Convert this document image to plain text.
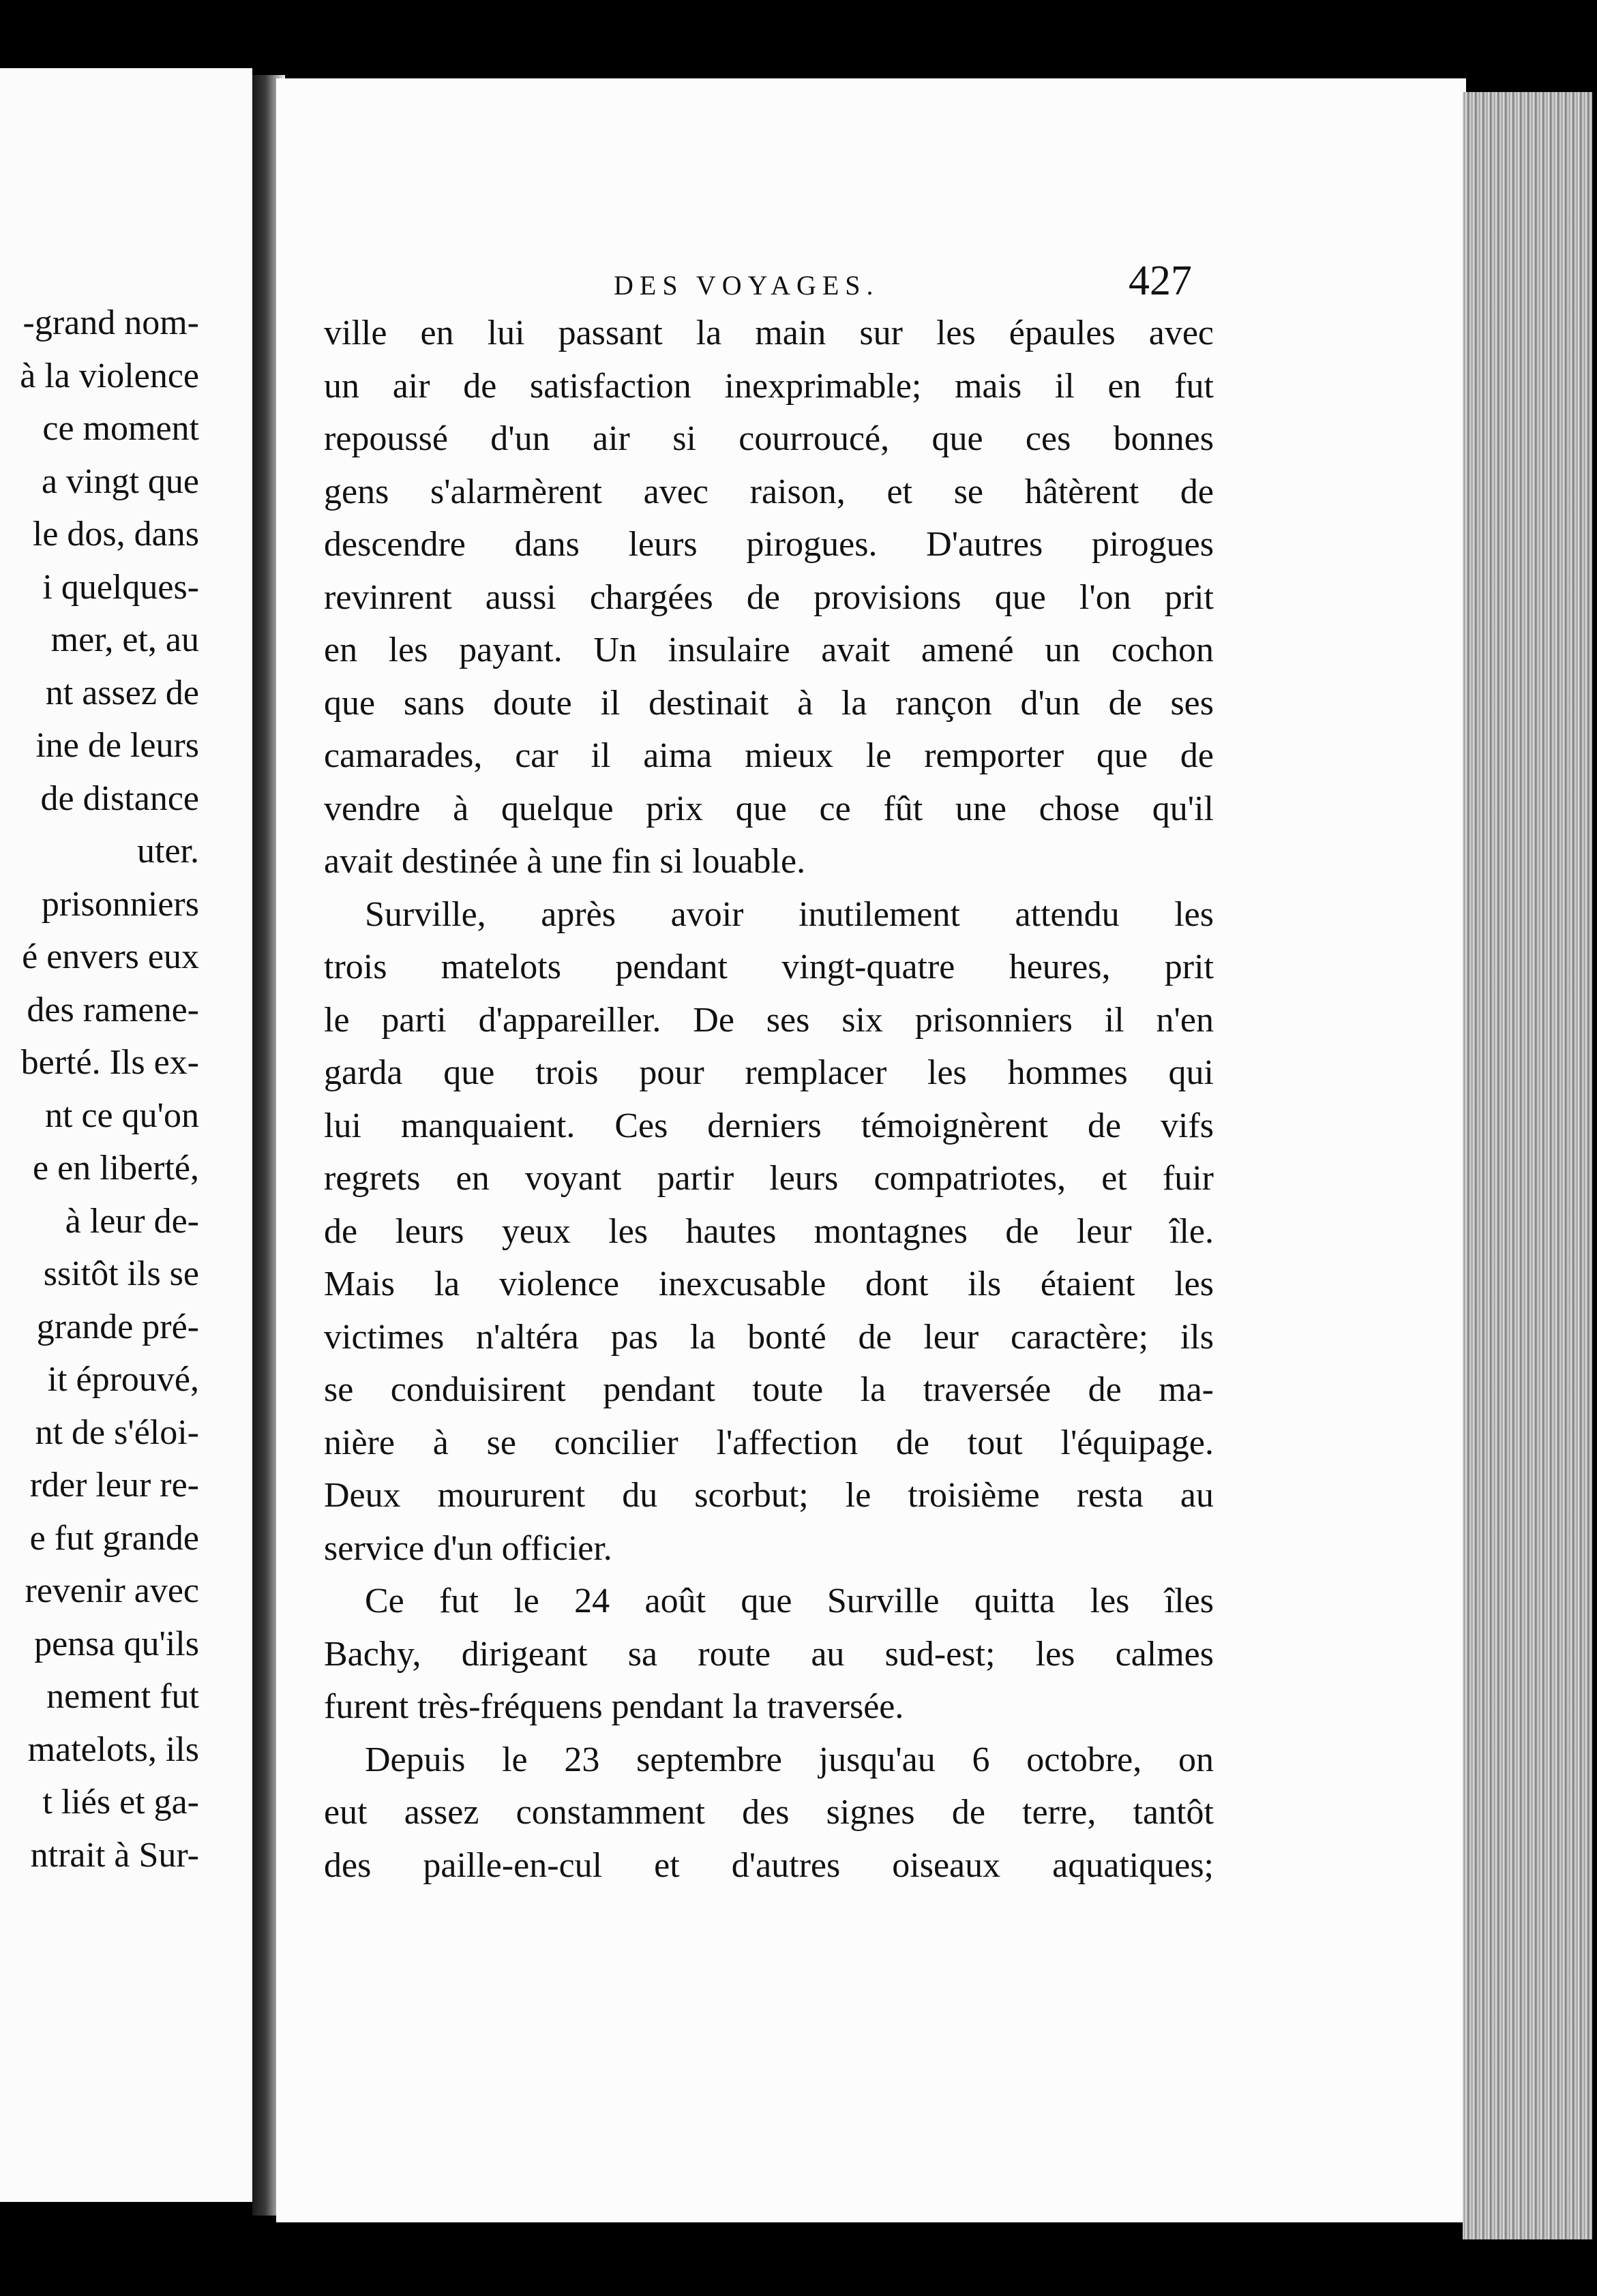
-grand nom-
à la violence
ce moment
a vingt que
le dos, dans
i quelques-
mer, et, au
nt assez de
ine de leurs
de distance
uter.
prisonniers
é envers eux
des ramene-
berté. Ils ex-
nt ce qu'on
e en liberté,
à leur de-
ssitôt ils se
grande pré-
it éprouvé,
nt de s'éloi-
rder leur re-
e fut grande
revenir avec
pensa qu'ils
nement fut
matelots, ils
t liés et ga-
ntrait à Sur-
DES VOYAGES.	427
ville en lui passant la main sur les épaules avec
un air de satisfaction inexprimable; mais il en fut
repoussé d'un air si courroucé, que ces bonnes
gens s'alarmèrent avec raison, et se hâtèrent de
descendre dans leurs pirogues. D'autres pirogues
revinrent aussi chargées de provisions que l'on prit
en les payant. Un insulaire avait amené un cochon
que sans doute il destinait à la rançon d'un de ses
camarades, car il aima mieux le remporter que de
vendre à quelque prix que ce fût une chose qu'il
avait destinée à une fin si louable.
Surville, après avoir inutilement attendu les
trois matelots pendant vingt-quatre heures, prit
le parti d'appareiller. De ses six prisonniers il n'en
garda que trois pour remplacer les hommes qui
lui manquaient. Ces derniers témoignèrent de vifs
regrets en voyant partir leurs compatriotes, et fuir
de leurs yeux les hautes montagnes de leur île.
Mais la violence inexcusable dont ils étaient les
victimes n'altéra pas la bonté de leur caractère; ils
se conduisirent pendant toute la traversée de ma-
nière à se concilier l'affection de tout l'équipage.
Deux moururent du scorbut; le troisième resta au
service d'un officier.
Ce fut le 24 août que Surville quitta les îles
Bachy, dirigeant sa route au sud-est; les calmes
furent très-fréquens pendant la traversée.
Depuis le 23 septembre jusqu'au 6 octobre, on
eut assez constamment des signes de terre, tantôt
des paille-en-cul et d'autres oiseaux aquatiques;
